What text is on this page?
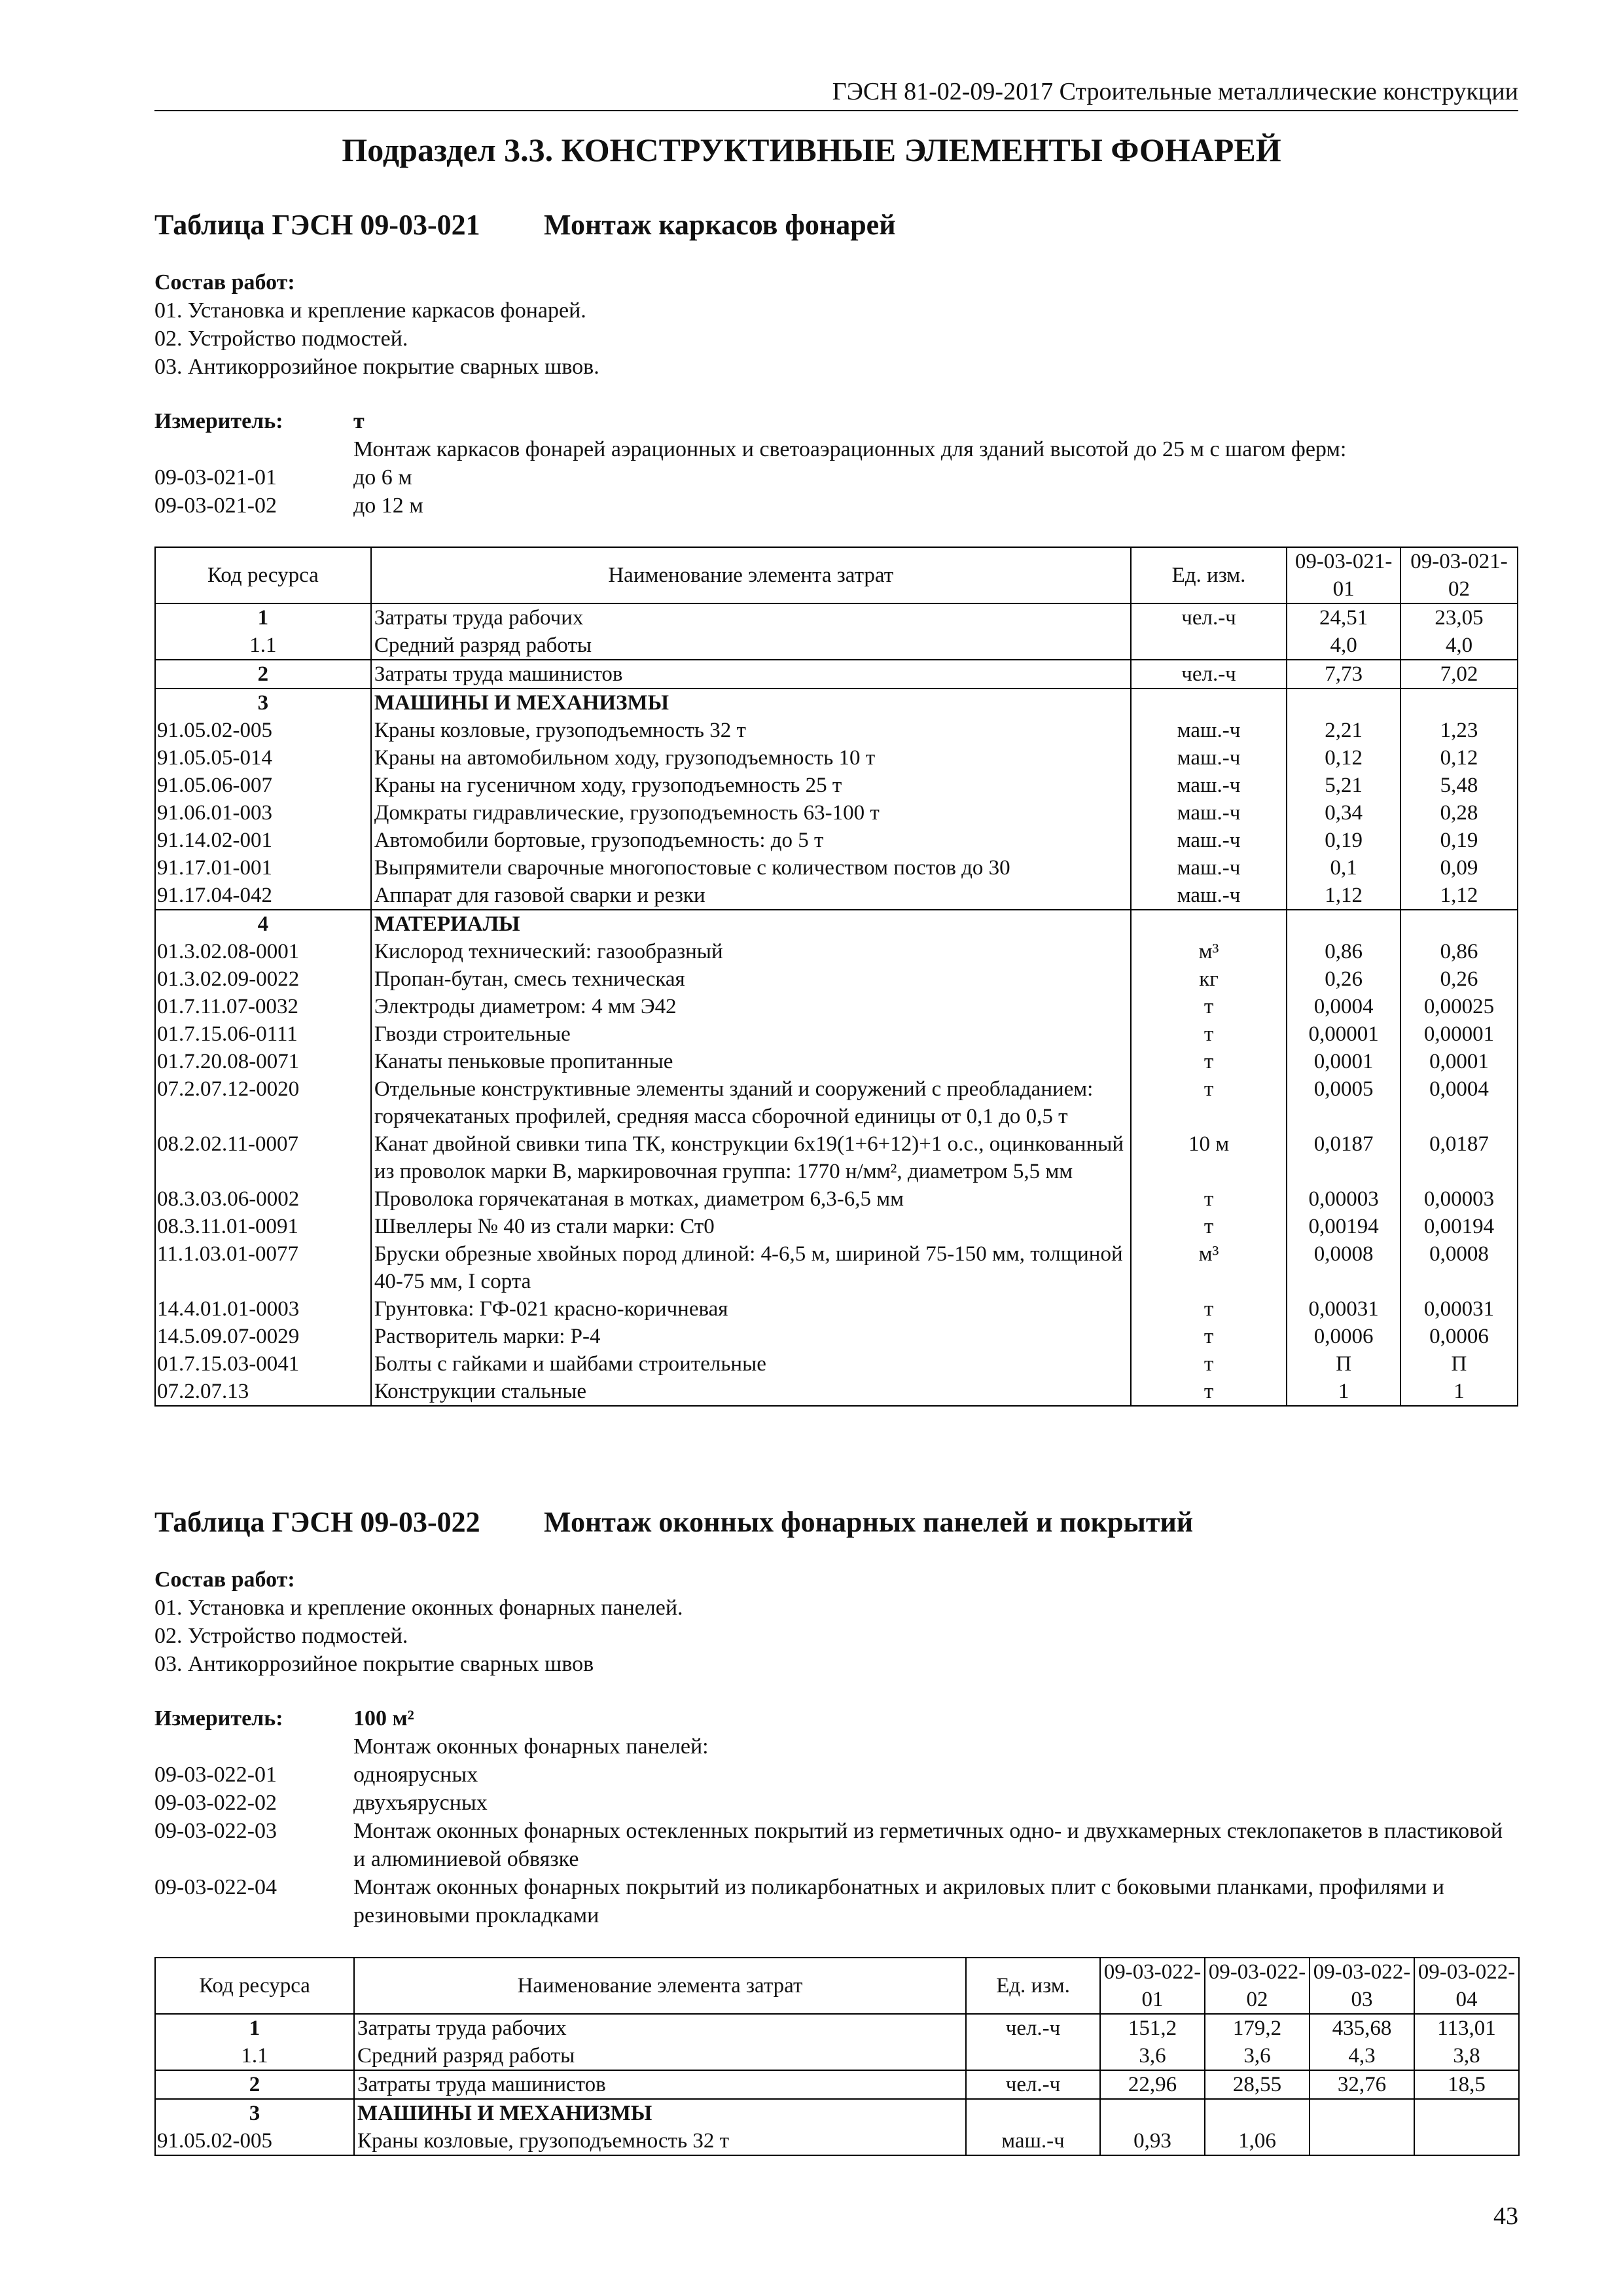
ГЭСН 81-02-09-2017 Строительные металлические конструкции
Подраздел 3.3. КОНСТРУКТИВНЫЕ ЭЛЕМЕНТЫ ФОНАРЕЙ
Таблица ГЭСН 09-03-021 Монтаж каркасов фонарей
Состав работ:
01. Установка и крепление каркасов фонарей.
02. Устройство подмостей.
03. Антикоррозийное покрытие сварных швов.
Измеритель:	т
Монтаж каркасов фонарей аэрационных и светоаэрационных для зданий высотой до 25 м с шагом ферм:
09-03-021-01	до 6 м
09-03-021-02	до 12 м
Код ресурса	Наименование элемента затрат	Ед. изм.	09-03-021-01	09-03-021-02
1	Затраты труда рабочих	чел.-ч	24,51	23,05
1.1	Средний разряд работы		4,0	4,0
2	Затраты труда машинистов	чел.-ч	7,73	7,02
3	МАШИНЫ И МЕХАНИЗМЫ			
91.05.02-005	Краны козловые, грузоподъемность 32 т	маш.-ч	2,21	1,23
91.05.05-014	Краны на автомобильном ходу, грузоподъемность 10 т	маш.-ч	0,12	0,12
91.05.06-007	Краны на гусеничном ходу, грузоподъемность 25 т	маш.-ч	5,21	5,48
91.06.01-003	Домкраты гидравлические, грузоподъемность 63-100 т	маш.-ч	0,34	0,28
91.14.02-001	Автомобили бортовые, грузоподъемность: до 5 т	маш.-ч	0,19	0,19
91.17.01-001	Выпрямители сварочные многопостовые с количеством постов до 30	маш.-ч	0,1	0,09
91.17.04-042	Аппарат для газовой сварки и резки	маш.-ч	1,12	1,12
4	МАТЕРИАЛЫ			
01.3.02.08-0001	Кислород технический: газообразный	м³	0,86	0,86
01.3.02.09-0022	Пропан-бутан, смесь техническая	кг	0,26	0,26
01.7.11.07-0032	Электроды диаметром: 4 мм Э42	т	0,0004	0,00025
01.7.15.06-0111	Гвозди строительные	т	0,00001	0,00001
01.7.20.08-0071	Канаты пеньковые пропитанные	т	0,0001	0,0001
07.2.07.12-0020	Отдельные конструктивные элементы зданий и сооружений с преобладанием: горячекатаных профилей, средняя масса сборочной единицы от 0,1 до 0,5 т	т	0,0005	0,0004
08.2.02.11-0007	Канат двойной свивки типа ТК, конструкции 6х19(1+6+12)+1 о.с., оцинкованный из проволок марки В, маркировочная группа: 1770 н/мм², диаметром 5,5 мм	10 м	0,0187	0,0187
08.3.03.06-0002	Проволока горячекатаная в мотках, диаметром 6,3-6,5 мм	т	0,00003	0,00003
08.3.11.01-0091	Швеллеры № 40 из стали марки: Ст0	т	0,00194	0,00194
11.1.03.01-0077	Бруски обрезные хвойных пород длиной: 4-6,5 м, шириной 75-150 мм, толщиной 40-75 мм, I сорта	м³	0,0008	0,0008
14.4.01.01-0003	Грунтовка: ГФ-021 красно-коричневая	т	0,00031	0,00031
14.5.09.07-0029	Растворитель марки: Р-4	т	0,0006	0,0006
01.7.15.03-0041	Болты с гайками и шайбами строительные	т	П	П
07.2.07.13	Конструкции стальные	т	1	1
Таблица ГЭСН 09-03-022 Монтаж оконных фонарных панелей и покрытий
Состав работ:
01. Установка и крепление оконных фонарных панелей.
02. Устройство подмостей.
03. Антикоррозийное покрытие сварных швов
Измеритель:	100 м²
Монтаж оконных фонарных панелей:
09-03-022-01	одноярусных
09-03-022-02	двухъярусных
09-03-022-03	Монтаж оконных фонарных остекленных покрытий из герметичных одно- и двухкамерных стеклопакетов в пластиковой и алюминиевой обвязке
09-03-022-04	Монтаж оконных фонарных покрытий из поликарбонатных и акриловых плит с боковыми планками, профилями и резиновыми прокладками
Код ресурса	Наименование элемента затрат	Ед. изм.	09-03-022-01	09-03-022-02	09-03-022-03	09-03-022-04
1	Затраты труда рабочих	чел.-ч	151,2	179,2	435,68	113,01
1.1	Средний разряд работы		3,6	3,6	4,3	3,8
2	Затраты труда машинистов	чел.-ч	22,96	28,55	32,76	18,5
3	МАШИНЫ И МЕХАНИЗМЫ					
91.05.02-005	Краны козловые, грузоподъемность 32 т	маш.-ч	0,93	1,06		
43
